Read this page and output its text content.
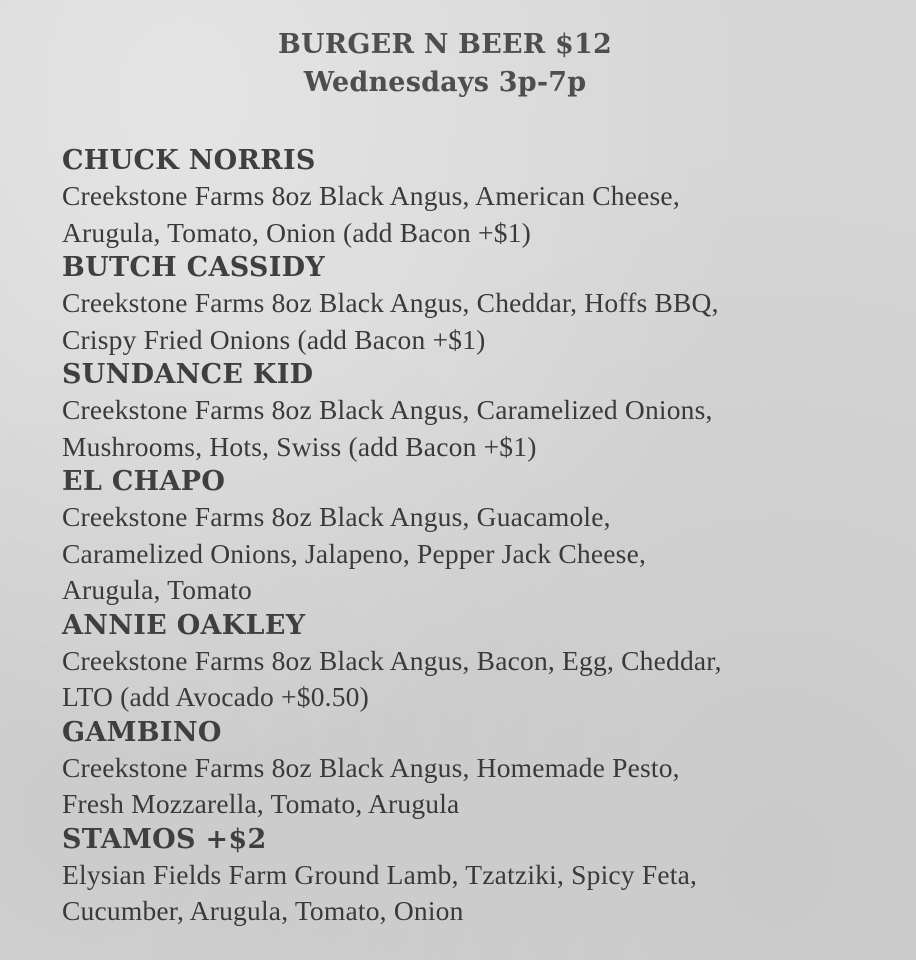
BURGER N BEER $12
Wednesdays 3p-7p
CHUCK NORRIS
Creekstone Farms 8oz Black Angus, American Cheese,
Arugula, Tomato, Onion (add Bacon +$1)
BUTCH CASSIDY
Creekstone Farms 8oz Black Angus, Cheddar, Hoffs BBQ,
Crispy Fried Onions (add Bacon +$1)
SUNDANCE KID
Creekstone Farms 8oz Black Angus, Caramelized Onions,
Mushrooms, Hots, Swiss (add Bacon +$1)
EL CHAPO
Creekstone Farms 8oz Black Angus, Guacamole,
Caramelized Onions, Jalapeno, Pepper Jack Cheese,
Arugula, Tomato
ANNIE OAKLEY
Creekstone Farms 8oz Black Angus, Bacon, Egg, Cheddar,
LTO (add Avocado +$0.50)
GAMBINO
Creekstone Farms 8oz Black Angus, Homemade Pesto,
Fresh Mozzarella, Tomato, Arugula
STAMOS +$2
Elysian Fields Farm Ground Lamb, Tzatziki, Spicy Feta,
Cucumber, Arugula, Tomato, Onion
